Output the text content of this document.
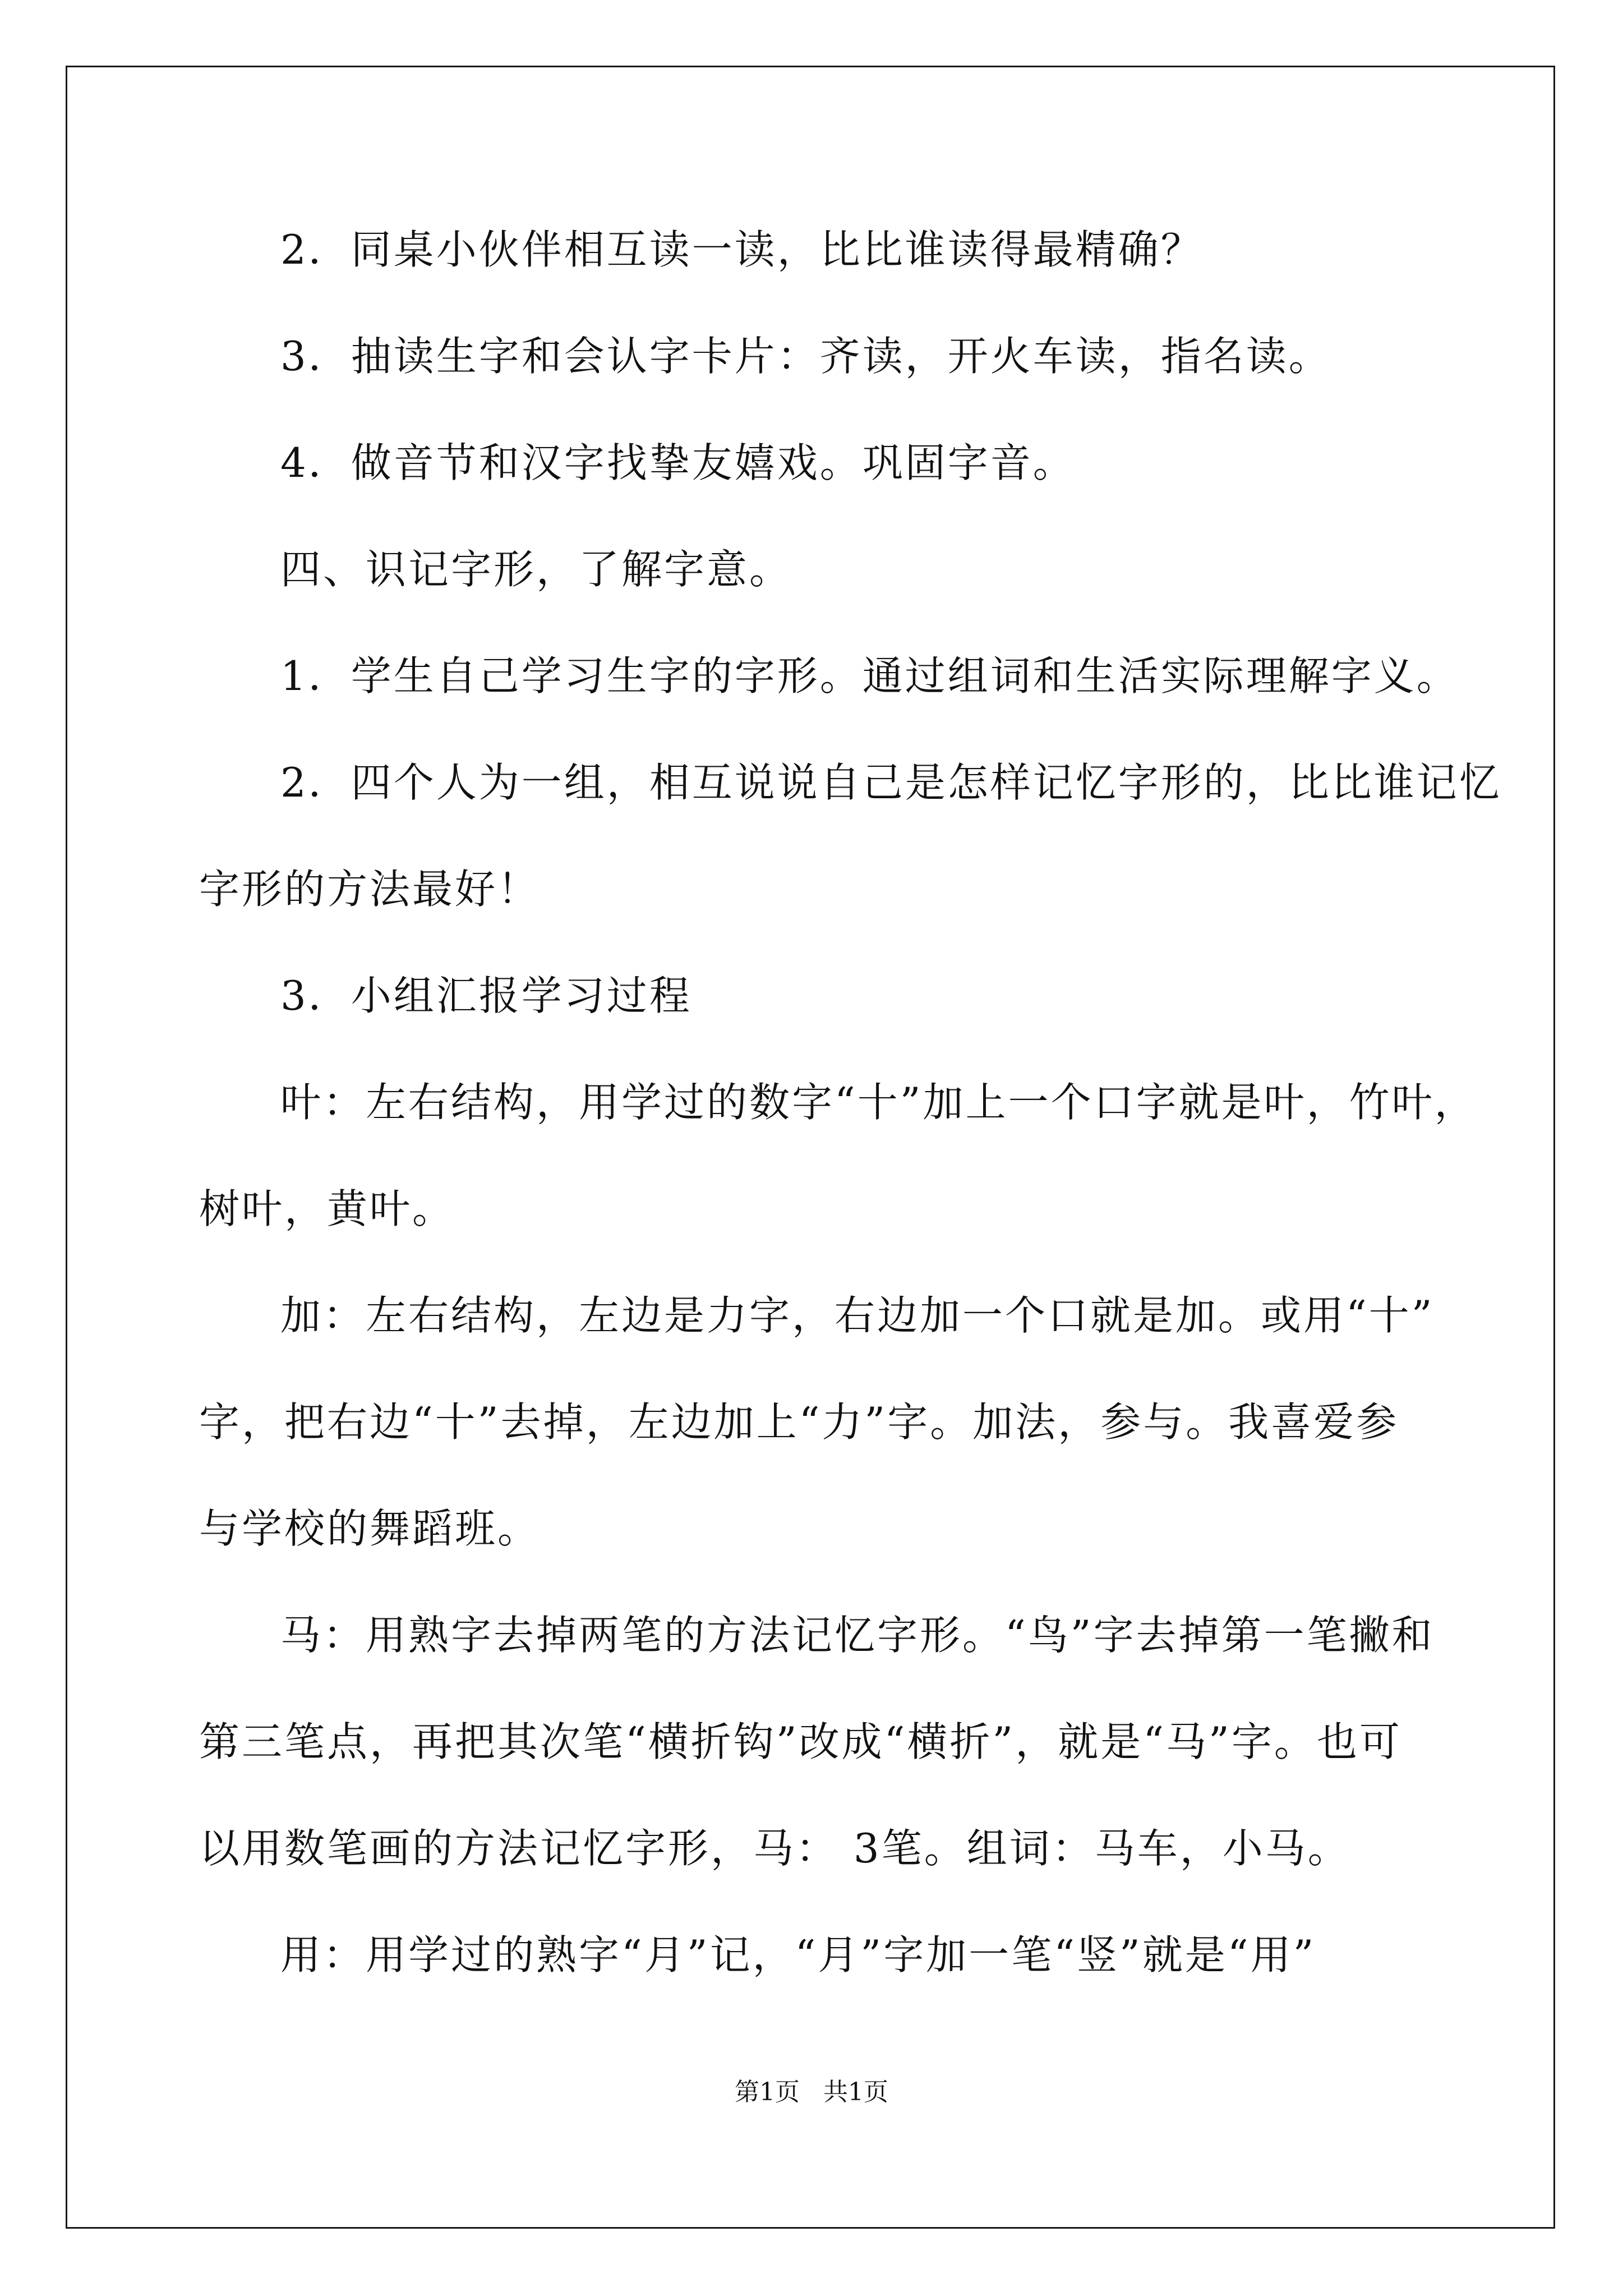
2．同桌小伙伴相互读一读，比比谁读得最精确？
3．抽读生字和会认字卡片：齐读，开火车读，指名读。
4．做音节和汉字找挚友嬉戏。巩固字音。
四、识记字形，了解字意。
1．学生自己学习生字的字形。通过组词和生活实际理解字义。
2．四个人为一组，相互说说自己是怎样记忆字形的，比比谁记忆
字形的方法最好！
3．小组汇报学习过程
叶：左右结构，用学过的数字“十”加上一个口字就是叶，竹叶，
树叶，黄叶。
加：左右结构，左边是力字，右边加一个口就是加。或用“十”
字，把右边“十”去掉，左边加上“力”字。加法，参与。我喜爱参
与学校的舞蹈班。
马：用熟字去掉两笔的方法记忆字形。“鸟”字去掉第一笔撇和
第三笔点，再把其次笔“横折钩”改成“横折”，就是“马”字。也可
以用数笔画的方法记忆字形，马： 3笔。组词：马车，小马。
用：用学过的熟字“月”记，“月”字加一笔“竖”就是“用”
第1页 共1页
